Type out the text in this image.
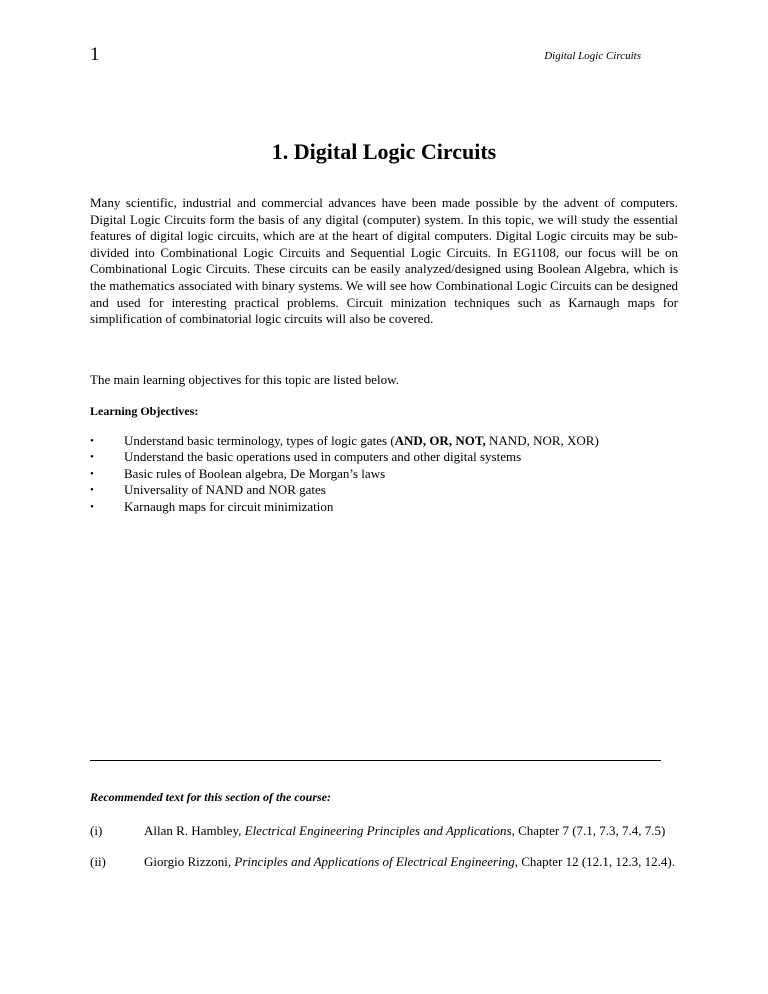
1	Digital Logic Circuits
1. Digital Logic Circuits

Many scientific, industrial and commercial advances have been made possible by the advent of computers. Digital Logic Circuits form the basis of any digital (computer) system. In this topic, we will study the essential features of digital logic circuits, which are at the heart of digital computers. Digital Logic circuits may be sub-divided into Combinational Logic Circuits and Sequential Logic Circuits. In EG1108, our focus will be on Combinational Logic Circuits. These circuits can be easily analyzed/designed using Boolean Algebra, which is the mathematics associated with binary systems. We will see how Combinational Logic Circuits can be designed and used for interesting practical problems. Circuit minization techniques such as Karnaugh maps for simplification of combinatorial logic circuits will also be covered.

The main learning objectives for this topic are listed below.

Learning Objectives:

• Understand basic terminology, types of logic gates (AND, OR, NOT, NAND, NOR, XOR)
• Understand the basic operations used in computers and other digital systems
• Basic rules of Boolean algebra, De Morgan’s laws
• Universality of NAND and NOR gates
• Karnaugh maps for circuit minimization

Recommended text for this section of the course:

(i)	Allan R. Hambley, Electrical Engineering Principles and Applications, Chapter 7 (7.1, 7.3, 7.4, 7.5)

(ii)	Giorgio Rizzoni, Principles and Applications of Electrical Engineering, Chapter 12 (12.1, 12.3, 12.4).
